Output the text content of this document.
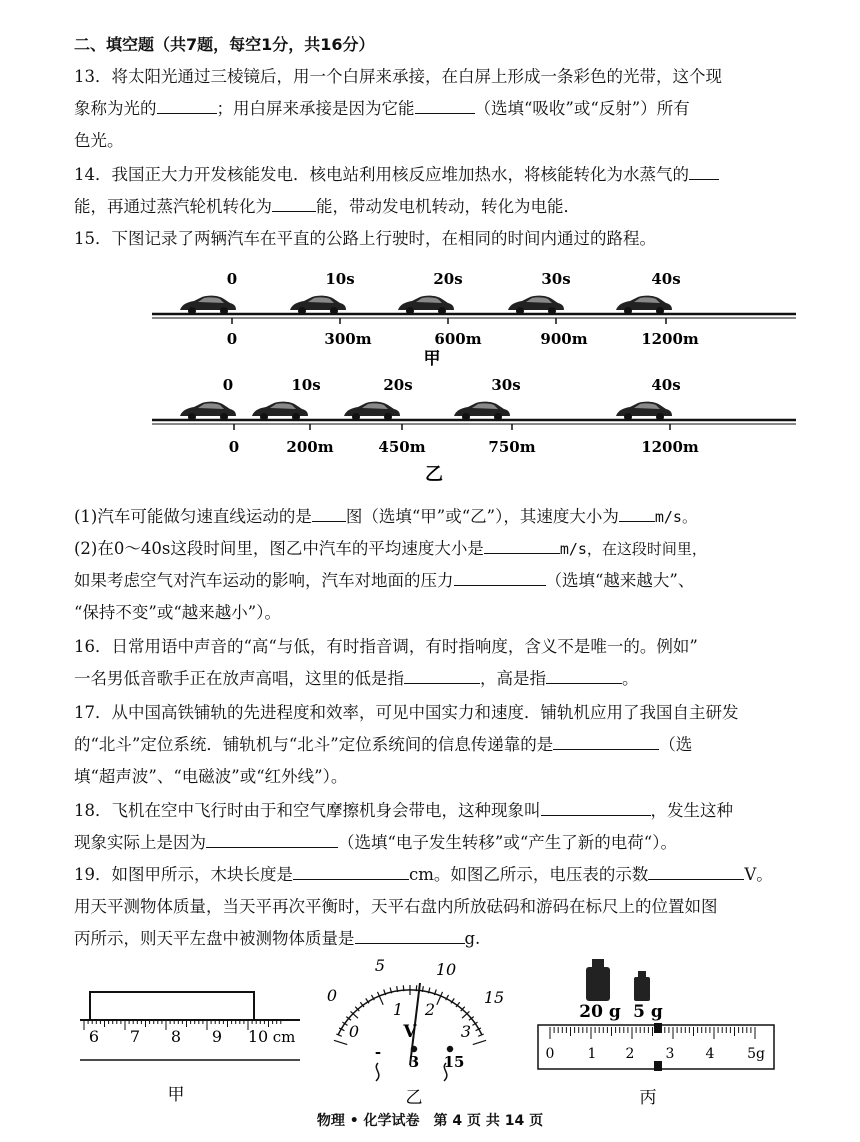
二、填空题（共7题，每空1分，共16分）
13．将太阳光通过三棱镜后，用一个白屏来承接，在白屏上形成一条彩色的光带，这个现
象称为光的	；用白屏来承接是因为它能	（选填“吸收”或“反射”）所有
色光。
14．我国正大力开发核能发电．核电站利用核反应堆加热水，将核能转化为水蒸气的
能，再通过蒸汽轮机转化为	能，带动发电机转动，转化为电能．
15．下图记录了两辆汽车在平直的公路上行驶时，在相同的时间内通过的路程。
0	10s	20s	30s	40s
0	300m	600m	900m	1200m
甲
0	10s	20s	30s	40s
0	200m	450m	750m	1200m
乙
(1)汽车可能做匀速直线运动的是 图（选填“甲”或“乙”），其速度大小为 m/s。
(2)在0～40s这段时间里，图乙中汽车的平均速度大小是	m/s，在这段时间里，
如果考虑空气对汽车运动的影响，汽车对地面的压力	（选填“越来越大”、
“保持不变”或“越来越小”）。
16．日常用语中声音的“高“与低，有时指音调，有时指响度，含义不是唯一的。例如”
一名男低音歌手正在放声高唱，这里的低是指	，高是指	。
17．从中国高铁铺轨的先进程度和效率，可见中国实力和速度．铺轨机应用了我国自主研发
的“北斗”定位系统．铺轨机与“北斗”定位系统间的信息传递靠的是	（选
填“超声波”、“电磁波”或“红外线”）。
18．飞机在空中飞行时由于和空气摩擦机身会带电，这种现象叫	，发生这种
现象实际上是因为	（选填“电子发生转移”或“产生了新的电荷“）。
19．如图甲所示，木块长度是	cm。如图乙所示，电压表的示数	V。
用天平测物体质量，当天平再次平衡时，天平右盘内所放砝码和游码在标尺上的位置如图
丙所示，则天平左盘中被测物体质量是	g.
6 7 8 9 10 cm
甲
0
5	10
15
0
1 2
3
V
-
3 15
乙
20 g 5 g
0 1 2 3 4 5g
丙
物理 • 化学试卷　第 4 页 共 14 页
